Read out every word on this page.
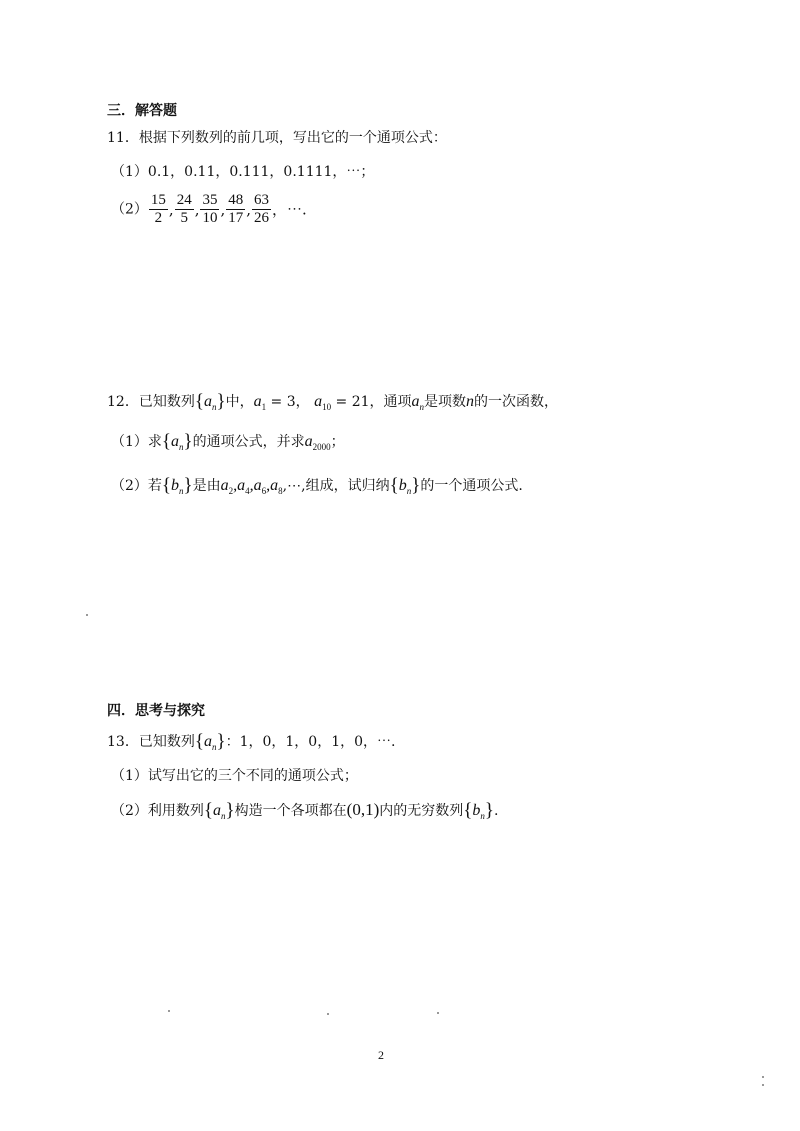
三．解答题
11．根据下列数列的前几项，写出它的一个通项公式：
（1）0.1，0.11，0.111，0.1111，⋯；
$(2) \frac{15}{2}$ , $\frac{24}{5}$ , $\frac{35}{10}$ , $\frac{48}{17}$ , $\frac{63}{26}$ ，⋯.
12．已知数列$\{a_n\}$中，$a_1 = 3$， $a_{10} = 21$，通项$a_n$是项数n的一次函数，
（1）求$\{a_n\}$的通项公式，并求$a_{2000}$；
（2）若$\{b_n\}$是由$a_2,a_4,a_6,a_8,\cdots$,组成，试归纳$\{b_n\}$的一个通项公式.
四．思考与探究
13．已知数列$\{a_n\}$：1，0，1，0，1，0，⋯.
（1）试写出它的三个不同的通项公式；
（2）利用数列$\{a_n\}$构造一个各项都在(0,1)内的无穷数列$\{b_n\}$.
2
